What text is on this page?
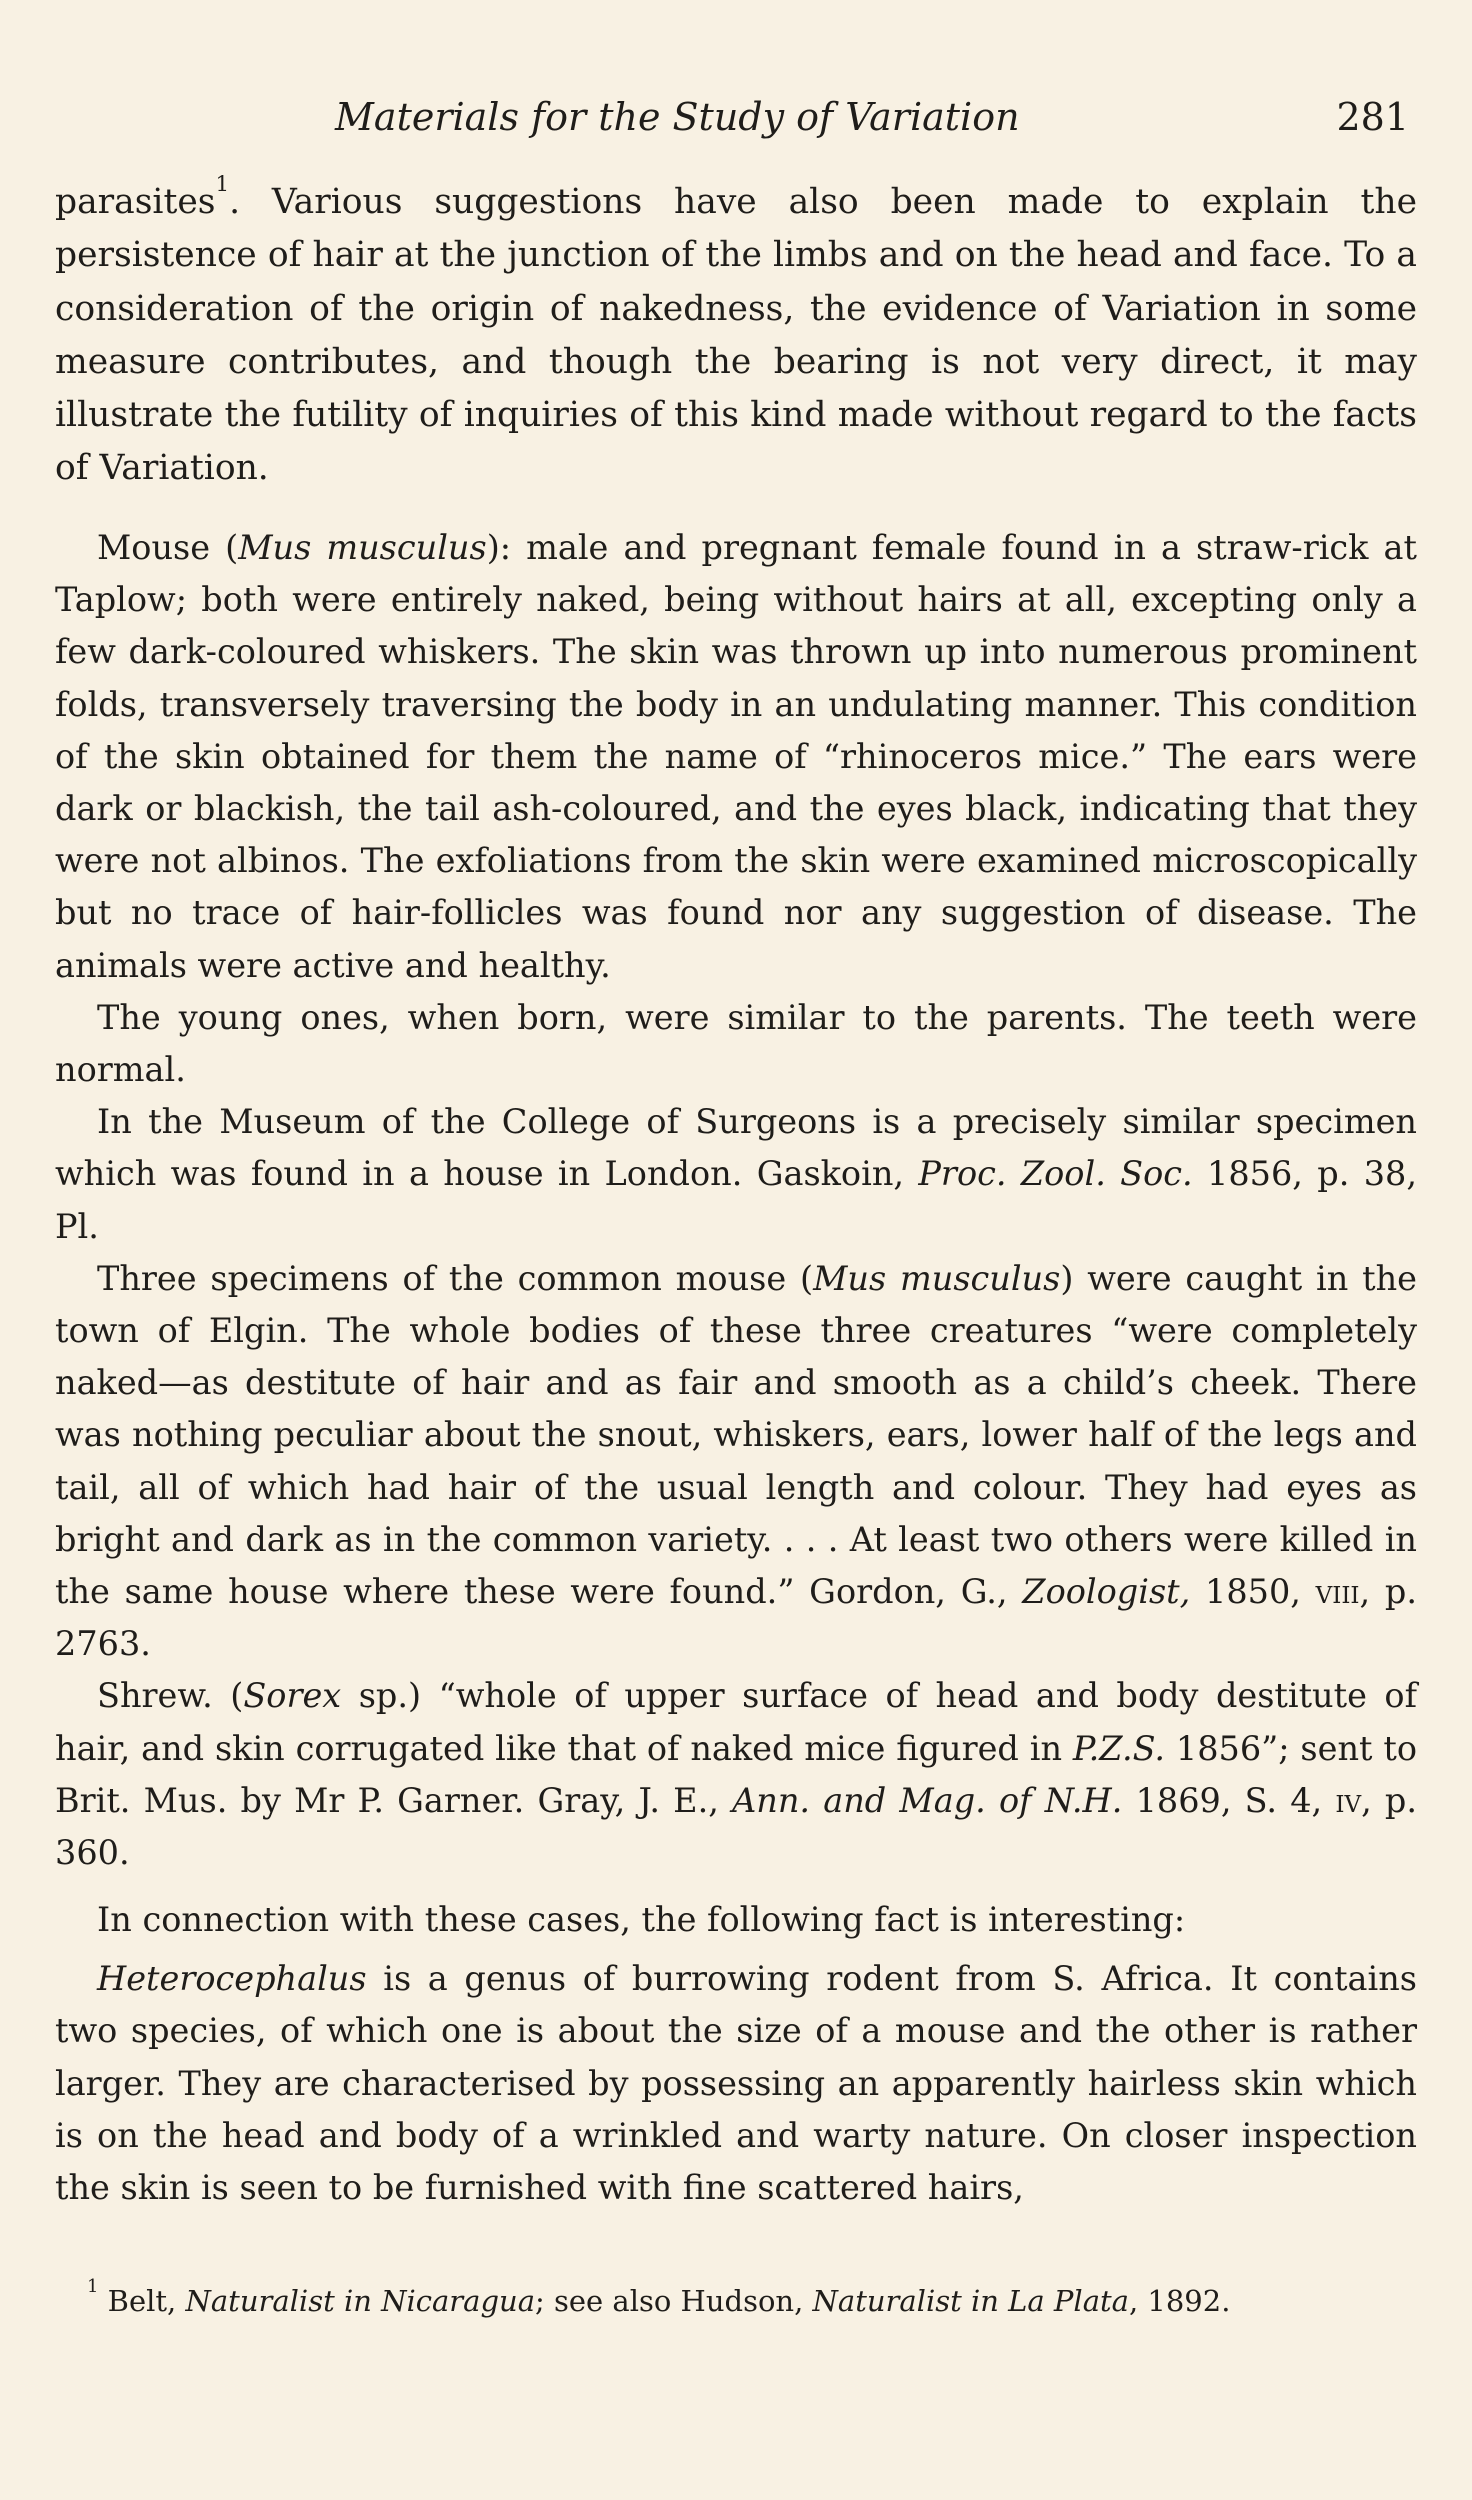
Materials for the Study of Variation	281

parasites$^1$. Various suggestions have also been made to explain the persistence of hair at the junction of the limbs and on the head and face. To a consideration of the origin of nakedness, the evidence of Variation in some measure contributes, and though the bearing is not very direct, it may illustrate the futility of inquiries of this kind made without regard to the facts of Variation.

Mouse (Mus musculus): male and pregnant female found in a straw-rick at Taplow; both were entirely naked, being without hairs at all, excepting only a few dark-coloured whiskers. The skin was thrown up into numerous prominent folds, transversely traversing the body in an undulating manner. This condition of the skin obtained for them the name of “rhinoceros mice.” The ears were dark or blackish, the tail ash-coloured, and the eyes black, indicating that they were not albinos. The exfoliations from the skin were examined microscopically but no trace of hair-follicles was found nor any suggestion of disease. The animals were active and healthy.

The young ones, when born, were similar to the parents. The teeth were normal.

In the Museum of the College of Surgeons is a precisely similar specimen which was found in a house in London. Gaskoin, Proc. Zool. Soc. 1856, p. 38, Pl.

Three specimens of the common mouse (Mus musculus) were caught in the town of Elgin. The whole bodies of these three creatures “were completely naked—as destitute of hair and as fair and smooth as a child’s cheek. There was nothing peculiar about the snout, whiskers, ears, lower half of the legs and tail, all of which had hair of the usual length and colour. They had eyes as bright and dark as in the common variety. . . . At least two others were killed in the same house where these were found.” Gordon, G., Zoologist, 1850, viii, p. 2763.

Shrew. (Sorex sp.) “whole of upper surface of head and body destitute of hair, and skin corrugated like that of naked mice figured in P.Z.S. 1856”; sent to Brit. Mus. by Mr P. Garner. Gray, J. E., Ann. and Mag. of N.H. 1869, S. 4, iv, p. 360.

In connection with these cases, the following fact is interesting:

Heterocephalus is a genus of burrowing rodent from S. Africa. It contains two species, of which one is about the size of a mouse and the other is rather larger. They are characterised by possessing an apparently hairless skin which is on the head and body of a wrinkled and warty nature. On closer inspection the skin is seen to be furnished with fine scattered hairs,

$^1$ Belt, Naturalist in Nicaragua; see also Hudson, Naturalist in La Plata, 1892.
